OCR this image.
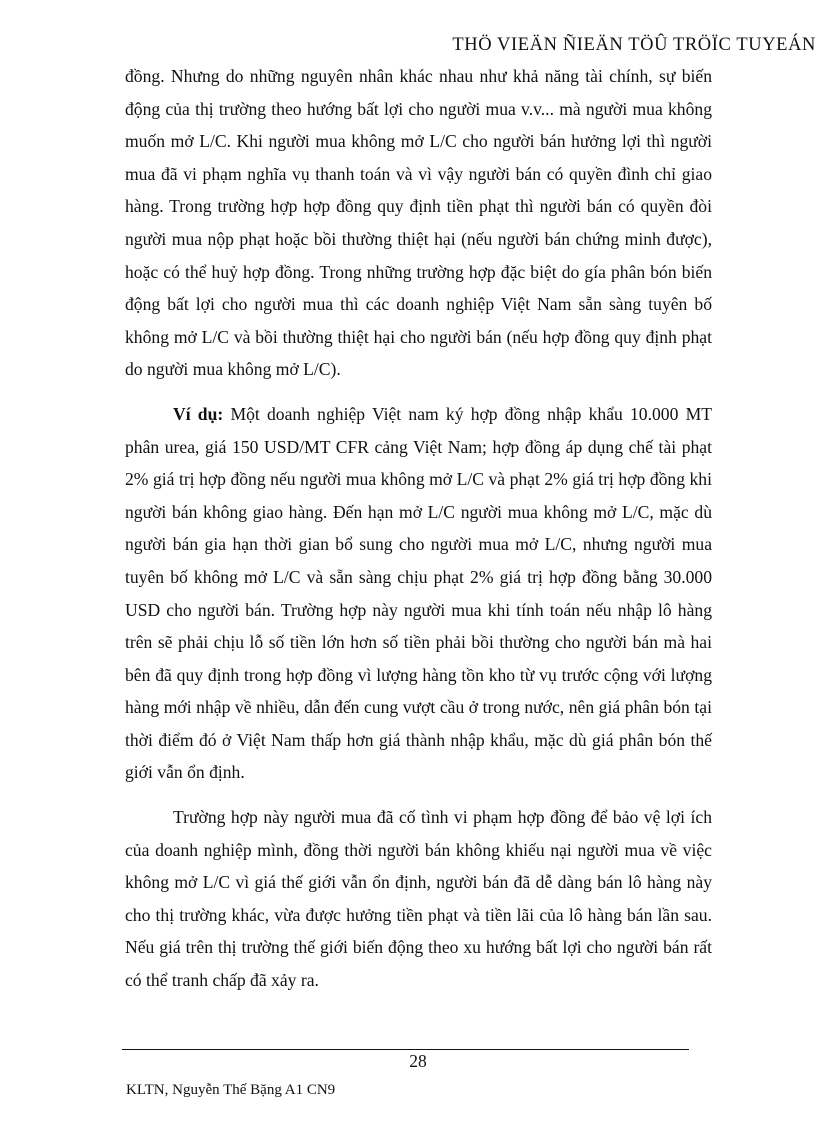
THÖ VIEÄN ÑIEÄN TÖÛ TRÖÏC TUYEÁN

đồng. Nhưng do những nguyên nhân khác nhau như khả năng tài chính, sự biến động của thị trường theo hướng bất lợi cho người mua v.v... mà người mua không muốn mở L/C. Khi người mua không mở L/C cho người bán hưởng lợi thì người mua đã vi phạm nghĩa vụ thanh toán và vì vậy người bán có quyền đình chỉ giao hàng. Trong trường hợp hợp đồng quy định tiền phạt thì người bán có quyền đòi người mua nộp phạt hoặc bồi thường thiệt hại (nếu người bán chứng minh được), hoặc có thể huỷ hợp đồng. Trong những trường hợp đặc biệt do gía phân bón biến động bất lợi cho người mua thì các doanh nghiệp Việt Nam sẵn sàng tuyên bố không mở L/C và bồi thường thiệt hại cho người bán (nếu hợp đồng quy định phạt do người mua không mở L/C).

Ví dụ: Một doanh nghiệp Việt nam ký hợp đồng nhập khẩu 10.000 MT phân urea, giá 150 USD/MT CFR cảng Việt Nam; hợp đồng áp dụng chế tài phạt 2% giá trị hợp đồng nếu người mua không mở L/C và phạt 2% giá trị hợp đồng khi người bán không giao hàng. Đến hạn mở L/C người mua không mở L/C, mặc dù người bán gia hạn thời gian bổ sung cho người mua mở L/C, nhưng người mua tuyên bố không mở L/C và sẵn sàng chịu phạt 2% giá trị hợp đồng bằng 30.000 USD cho người bán. Trường hợp này người mua khi tính toán nếu nhập lô hàng trên sẽ phải chịu lỗ số tiền lớn hơn số tiền phải bồi thường cho người bán mà hai bên đã quy định trong hợp đồng vì lượng hàng tồn kho từ vụ trước cộng với lượng hàng mới nhập về nhiều, dẫn đến cung vượt cầu ở trong nước, nên giá phân bón tại thời điểm đó ở Việt Nam thấp hơn giá thành nhập khẩu, mặc dù giá phân bón thế giới vẫn ổn định.

Trường hợp này người mua đã cố tình vi phạm hợp đồng để bảo vệ lợi ích của doanh nghiệp mình, đồng thời người bán không khiếu nại người mua về việc không mở L/C vì giá thế giới vẫn ổn định, người bán đã dễ dàng bán lô hàng này cho thị trường khác, vừa được hưởng tiền phạt và tiền lãi của lô hàng bán lần sau. Nếu giá trên thị trường thế giới biến động theo xu hướng bất lợi cho người bán rất có thể tranh chấp đã xảy ra.

28
KLTN, Nguyễn Thế Bặng A1 CN9
